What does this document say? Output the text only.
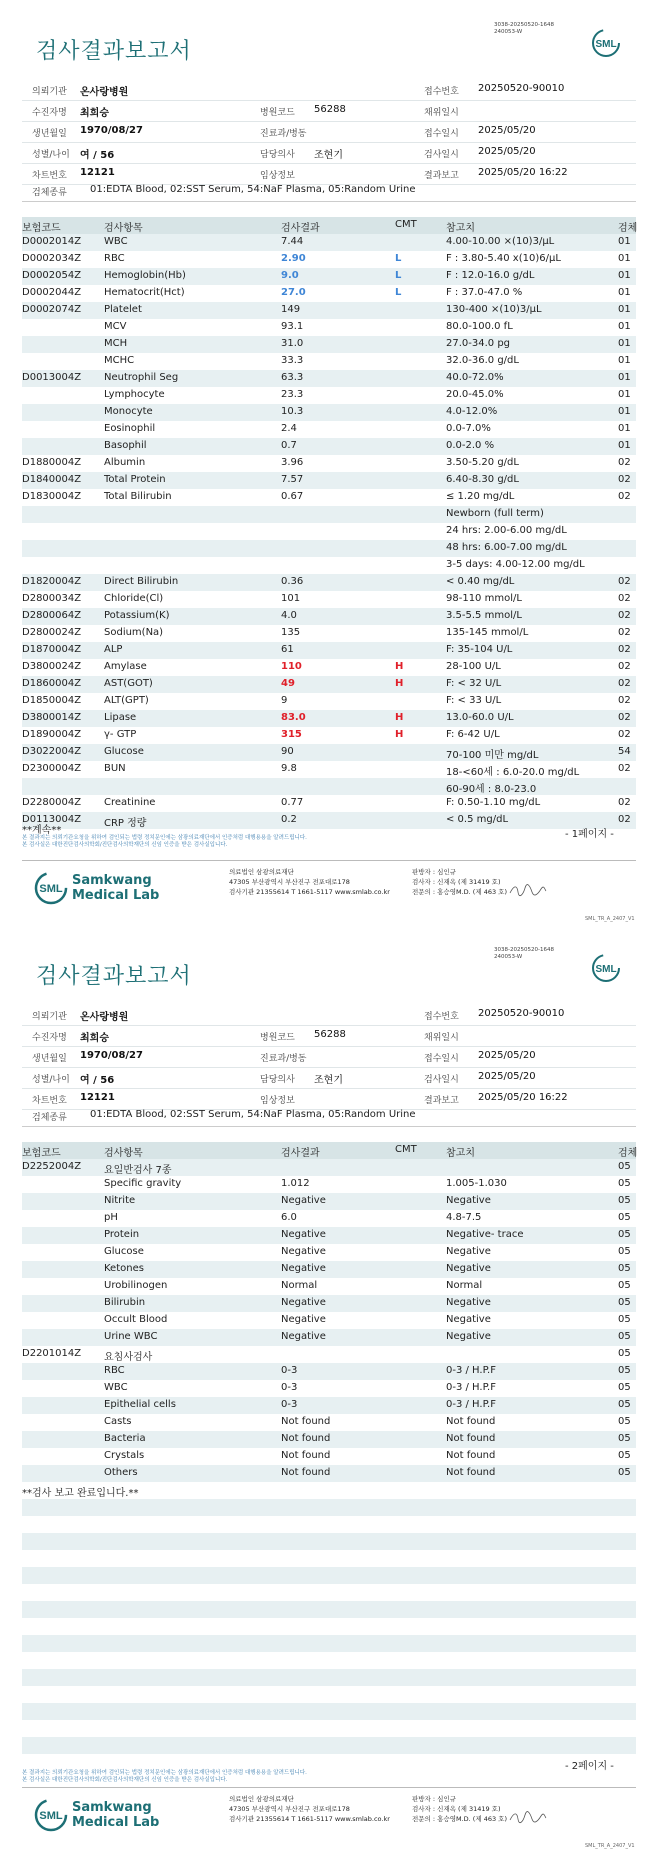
검사결과보고서
3038-20250520-1648
240053-W
SML
의뢰기관 온사랑병원	접수번호 20250520-90010
수진자명 최희승	병원코드 56288	채위일시
생년월일 1970/08/27	진료과/병동	접수일시 2025/05/20
성별/나이 여 / 56	담당의사 조현기	검사일시 2025/05/20
차트번호 12121	임상정보	결과보고 2025/05/20 16:22
검체종류 01:EDTA Blood, 02:SST Serum, 54:NaF Plasma, 05:Random Urine
보험코드	검사항목	검사결과	CMT	참고치	검체
D0002014Z WBC	7.44	4.00-10.00 ×(10)3/μL	01
D0002034Z RBC	2.90	L	F : 3.80-5.40 x(10)6/μL	01
D0002054Z Hemoglobin(Hb)	9.0	L	F : 12.0-16.0 g/dL	01
D0002044Z Hematocrit(Hct)	27.0	L	F : 37.0-47.0 %	01
D0002074Z Platelet	149	130-400 ×(10)3/μL	01
MCV	93.1	80.0-100.0 fL	01
MCH	31.0	27.0-34.0 pg	01
MCHC	33.3	32.0-36.0 g/dL	01
D0013004Z Neutrophil Seg	63.3	40.0-72.0%	01
Lymphocyte	23.3	20.0-45.0%	01
Monocyte	10.3	4.0-12.0%	01
Eosinophil	2.4	0.0-7.0%	01
Basophil	0.7	0.0-2.0 %	01
D1880004Z Albumin	3.96	3.50-5.20 g/dL	02
D1840004Z Total Protein	7.57	6.40-8.30 g/dL	02
D1830004Z Total Bilirubin	0.67	≤ 1.20 mg/dL	02
Newborn (full term)
24 hrs: 2.00-6.00 mg/dL
48 hrs: 6.00-7.00 mg/dL
3-5 days: 4.00-12.00 mg/dL
D1820004Z Direct Bilirubin	0.36	< 0.40 mg/dL	02
D2800034Z Chloride(Cl)	101	98-110 mmol/L	02
D2800064Z Potassium(K)	4.0	3.5-5.5 mmol/L	02
D2800024Z Sodium(Na)	135	135-145 mmol/L	02
D1870004Z ALP	61	F: 35-104 U/L	02
D3800024Z Amylase	110	H	28-100 U/L	02
D1860004Z AST(GOT)	49	H	F: < 32 U/L	02
D1850004Z ALT(GPT)	9	F: < 33 U/L	02
D3800014Z Lipase	83.0	H	13.0-60.0 U/L	02
D1890004Z γ- GTP	315	H	F: 6-42 U/L	02
D3022004Z Glucose	90	70-100 미만 mg/dL	54
D2300004Z BUN	9.8	18-<60세 : 6.0-20.0 mg/dL	02
60-90세 : 8.0-23.0
D2280004Z Creatinine	0.77	F: 0.50-1.10 mg/dL	02
D0113004Z CRP 정량	0.2	< 0.5 mg/dL	02
**계속**	- 1페이지 -
본 결과지는 의뢰기관요청을 위하여 검인되는 법령 정치문인에는 삼광의료재단에서 인증처럼 대행용용을 알려드립니다.
본 검사실은 대한진단검사의학회/진단검사의학재단의 신임 인증을 받은 검사실입니다.
SML
Samkwang
Medical Lab
의료법인 삼광의료재단
47305 부산광역시 부산진구 전포대로178
검사기관 21355614 T 1661-5117 www.smlab.co.kr
판방자 : 심인규
검사자 : 신재옥 (제 31419 호)
전문의 : 홍승영M.D. (제 463 호)
SML_TR_A_2407_V1
검사결과보고서
3038-20250520-1648
240053-W
SML
의뢰기관 온사랑병원	접수번호 20250520-90010
수진자명 최희승	병원코드 56288	채위일시
생년월일 1970/08/27	진료과/병동	접수일시 2025/05/20
성별/나이 여 / 56	담당의사 조현기	검사일시 2025/05/20
차트번호 12121	임상정보	결과보고 2025/05/20 16:22
검체종류 01:EDTA Blood, 02:SST Serum, 54:NaF Plasma, 05:Random Urine
보험코드	검사항목	검사결과	CMT	참고치	검체
D2252004Z 요일반검사 7종	05
Specific gravity	1.012	1.005-1.030	05
Nitrite	Negative	Negative	05
pH	6.0	4.8-7.5	05
Protein	Negative	Negative- trace	05
Glucose	Negative	Negative	05
Ketones	Negative	Negative	05
Urobilinogen	Normal	Normal	05
Bilirubin	Negative	Negative	05
Occult Blood	Negative	Negative	05
Urine WBC	Negative	Negative	05
D2201014Z 요침사검사	05
RBC	0-3	0-3 / H.P.F	05
WBC	0-3	0-3 / H.P.F	05
Epithelial cells	0-3	0-3 / H.P.F	05
Casts	Not found	Not found	05
Bacteria	Not found	Not found	05
Crystals	Not found	Not found	05
Others	Not found	Not found	05
**검사 보고 완료입니다.**
- 2페이지 -
본 결과지는 의뢰기관요청을 위하여 검인되는 법령 정치문인에는 삼광의료재단에서 인증처럼 대행용용을 알려드립니다.
본 검사실은 대한진단검사의학회/진단검사의학재단의 신임 인증을 받은 검사실입니다.
SML
Samkwang
Medical Lab
의료법인 삼광의료재단
47305 부산광역시 부산진구 전포대로178
검사기관 21355614 T 1661-5117 www.smlab.co.kr
판방자 : 심인규
검사자 : 신재옥 (제 31419 호)
전문의 : 홍승영M.D. (제 463 호)
SML_TR_A_2407_V1
